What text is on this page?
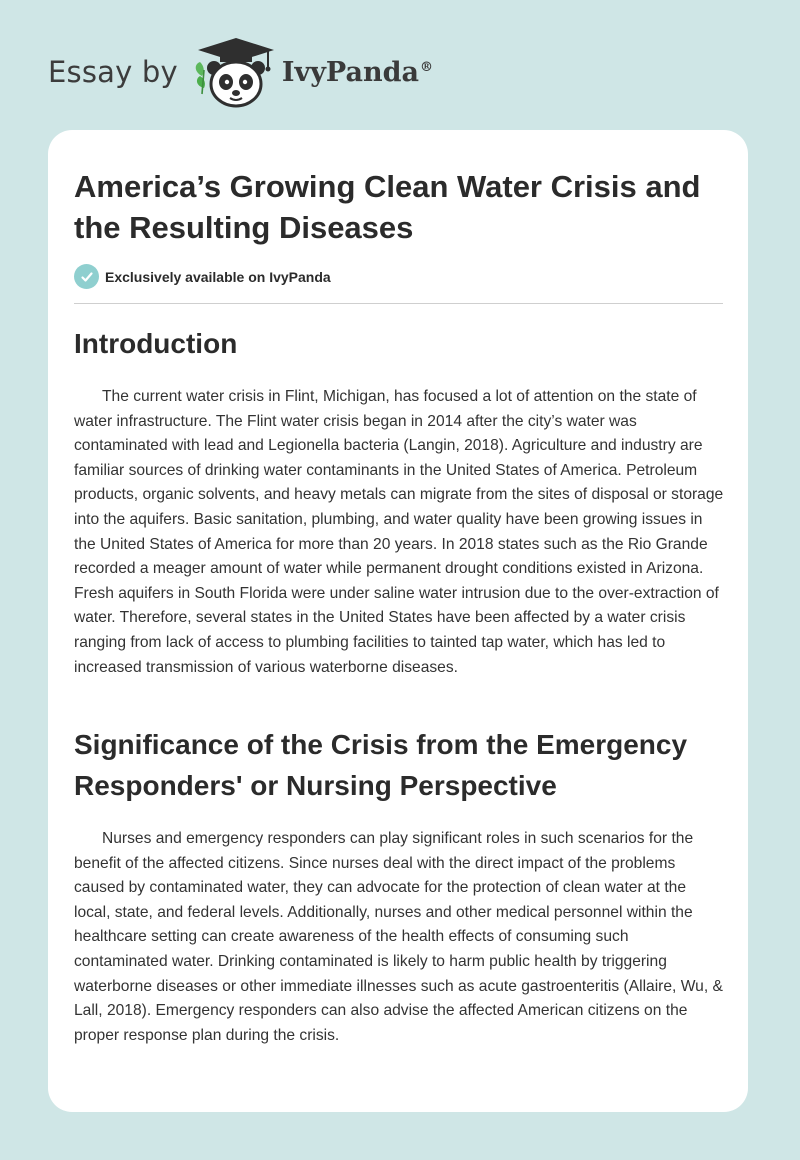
Essay by	IvyPanda®
America’s Growing Clean Water Crisis and the Resulting Diseases
Exclusively available on IvyPanda
Introduction

The current water crisis in Flint, Michigan, has focused a lot of attention on the state of water infrastructure. The Flint water crisis began in 2014 after the city’s water was contaminated with lead and Legionella bacteria (Langin, 2018). Agriculture and industry are familiar sources of drinking water contaminants in the United States of America. Petroleum products, organic solvents, and heavy metals can migrate from the sites of disposal or storage into the aquifers. Basic sanitation, plumbing, and water quality have been growing issues in the United States of America for more than 20 years. In 2018 states such as the Rio Grande recorded a meager amount of water while permanent drought conditions existed in Arizona. Fresh aquifers in South Florida were under saline water intrusion due to the over-extraction of water. Therefore, several states in the United States have been affected by a water crisis ranging from lack of access to plumbing facilities to tainted tap water, which has led to increased transmission of various waterborne diseases.

Significance of the Crisis from the Emergency Responders' or Nursing Perspective

Nurses and emergency responders can play significant roles in such scenarios for the benefit of the affected citizens. Since nurses deal with the direct impact of the problems caused by contaminated water, they can advocate for the protection of clean water at the local, state, and federal levels. Additionally, nurses and other medical personnel within the healthcare setting can create awareness of the health effects of consuming such contaminated water. Drinking contaminated is likely to harm public health by triggering waterborne diseases or other immediate illnesses such as acute gastroenteritis (Allaire, Wu, & Lall, 2018). Emergency responders can also advise the affected American citizens on the proper response plan during the crisis.
